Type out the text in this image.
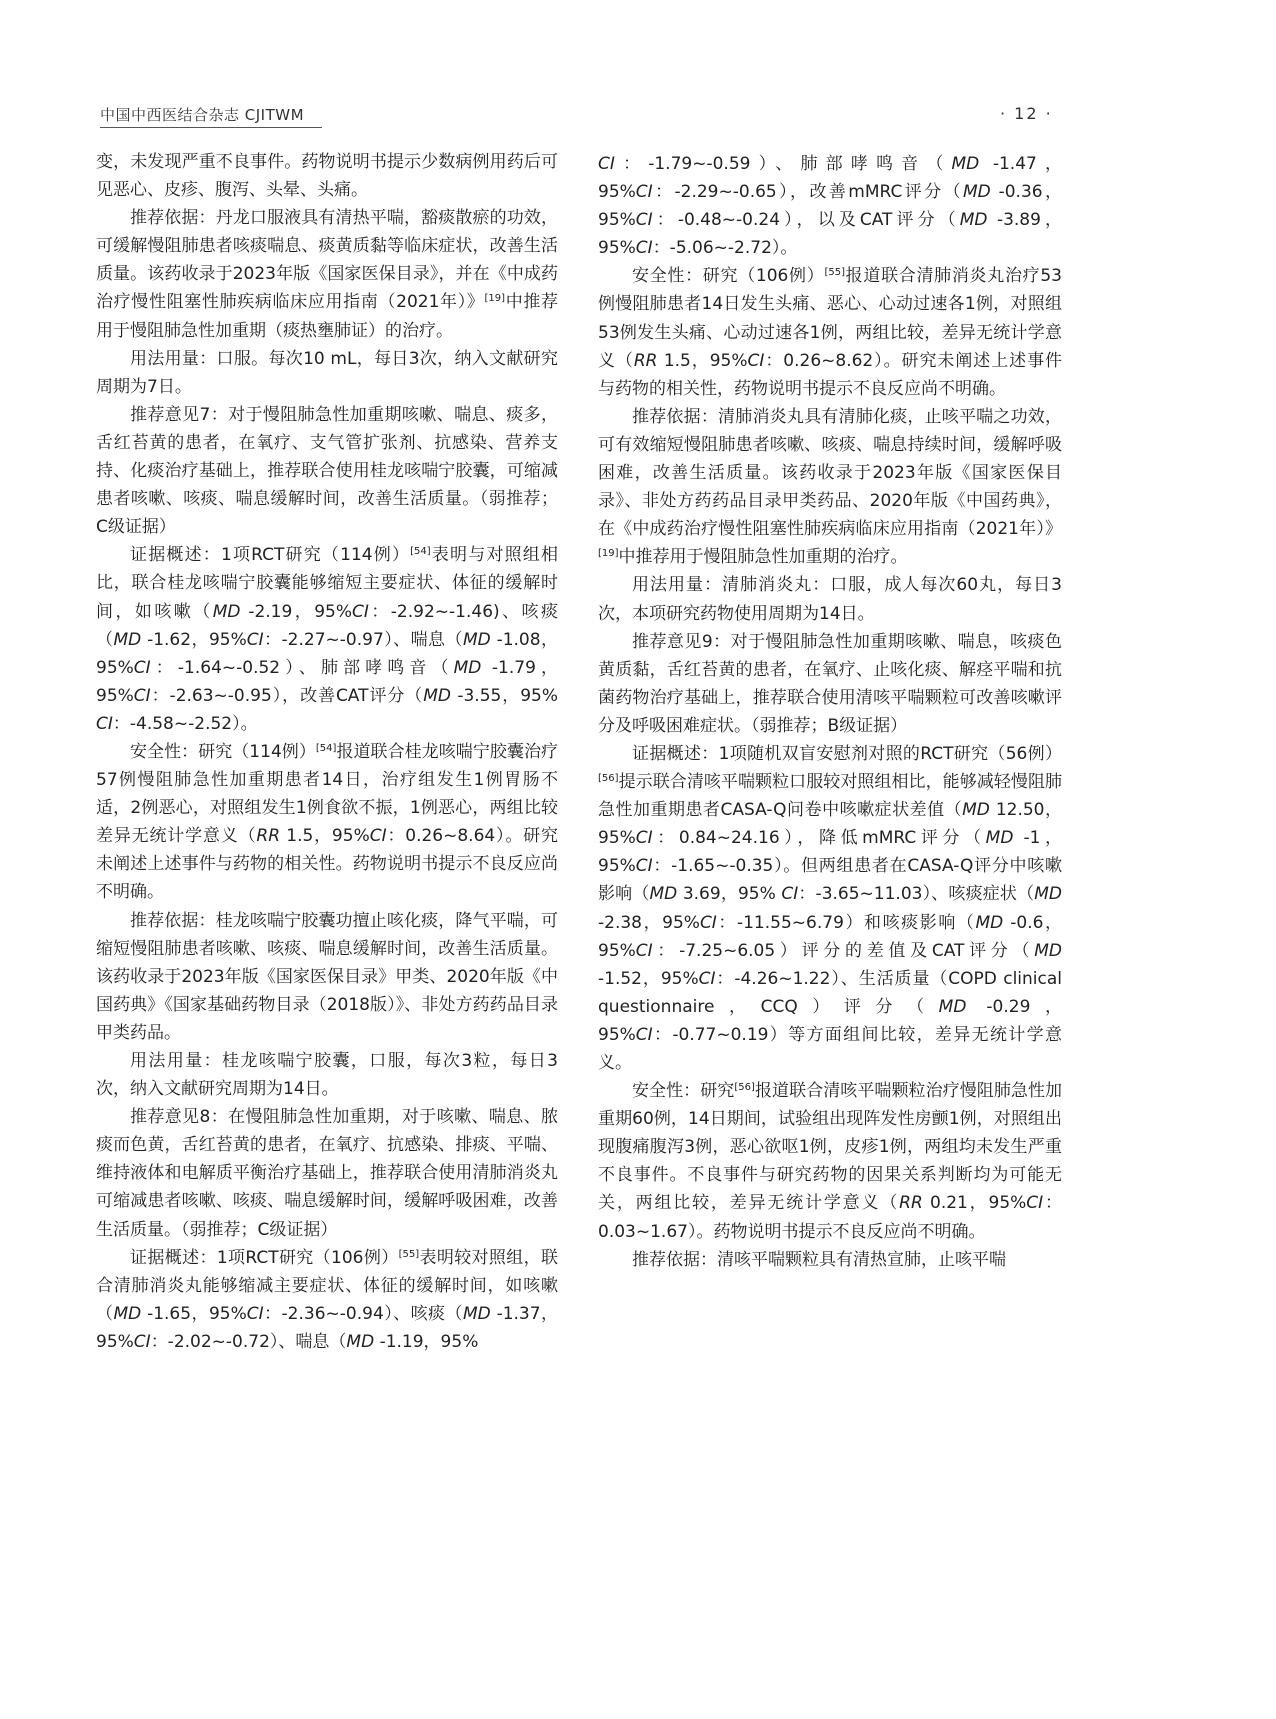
中国中西医结合杂志 CJITWM	· 12 ·

变，未发现严重不良事件。药物说明书提示少数病例用药后可见恶心、皮疹、腹泻、头晕、头痛。

推荐依据：丹龙口服液具有清热平喘，豁痰散瘀的功效，可缓解慢阻肺患者咳痰喘息、痰黄质黏等临床症状，改善生活质量。该药收录于2023年版《国家医保目录》，并在《中成药治疗慢性阻塞性肺疾病临床应用指南（2021年）》[19]中推荐用于慢阻肺急性加重期（痰热壅肺证）的治疗。

用法用量：口服。每次10 mL，每日3次，纳入文献研究周期为7日。

推荐意见7：对于慢阻肺急性加重期咳嗽、喘息、痰多，舌红苔黄的患者，在氧疗、支气管扩张剂、抗感染、营养支持、化痰治疗基础上，推荐联合使用桂龙咳喘宁胶囊，可缩减患者咳嗽、咳痰、喘息缓解时间，改善生活质量。（弱推荐；C级证据）

证据概述：1项RCT研究（114例）[54]表明与对照组相比，联合桂龙咳喘宁胶囊能够缩短主要症状、体征的缓解时间，如咳嗽（MD -2.19，95%CI：-2.92~-1.46)、咳痰（MD -1.62，95%CI：-2.27~-0.97）、喘息（MD -1.08，95%CI：-1.64~-0.52）、肺部哮鸣音（MD -1.79，95%CI：-2.63~-0.95），改善CAT评分（MD -3.55，95% CI：-4.58~-2.52）。

安全性：研究（114例）[54]报道联合桂龙咳喘宁胶囊治疗57例慢阻肺急性加重期患者14日，治疗组发生1例胃肠不适，2例恶心，对照组发生1例食欲不振，1例恶心，两组比较差异无统计学意义（RR 1.5，95%CI：0.26~8.64）。研究未阐述上述事件与药物的相关性。药物说明书提示不良反应尚不明确。

推荐依据：桂龙咳喘宁胶囊功擅止咳化痰，降气平喘，可缩短慢阻肺患者咳嗽、咳痰、喘息缓解时间，改善生活质量。该药收录于2023年版《国家医保目录》甲类、2020年版《中国药典》《国家基础药物目录（2018版）》、非处方药药品目录甲类药品。

用法用量：桂龙咳喘宁胶囊，口服，每次3粒，每日3次，纳入文献研究周期为14日。

推荐意见8：在慢阻肺急性加重期，对于咳嗽、喘息、脓痰而色黄，舌红苔黄的患者，在氧疗、抗感染、排痰、平喘、维持液体和电解质平衡治疗基础上，推荐联合使用清肺消炎丸可缩减患者咳嗽、咳痰、喘息缓解时间，缓解呼吸困难，改善生活质量。（弱推荐；C级证据）

证据概述：1项RCT研究（106例）[55]表明较对照组，联合清肺消炎丸能够缩减主要症状、体征的缓解时间，如咳嗽（MD -1.65，95%CI：-2.36~-0.94）、咳痰（MD -1.37，95%CI：-2.02~-0.72）、喘息（MD -1.19，95%

CI：-1.79~-0.59）、肺部哮鸣音（MD -1.47，95%CI：-2.29~-0.65），改善mMRC评分（MD -0.36，95%CI：-0.48~-0.24），以及CAT评分（MD -3.89，95%CI：-5.06~-2.72）。

安全性：研究（106例）[55]报道联合清肺消炎丸治疗53例慢阻肺患者14日发生头痛、恶心、心动过速各1例，对照组53例发生头痛、心动过速各1例，两组比较，差异无统计学意义（RR 1.5，95%CI：0.26~8.62）。研究未阐述上述事件与药物的相关性，药物说明书提示不良反应尚不明确。

推荐依据：清肺消炎丸具有清肺化痰，止咳平喘之功效，可有效缩短慢阻肺患者咳嗽、咳痰、喘息持续时间，缓解呼吸困难，改善生活质量。该药收录于2023年版《国家医保目录》、非处方药药品目录甲类药品、2020年版《中国药典》，在《中成药治疗慢性阻塞性肺疾病临床应用指南（2021年）》[19]中推荐用于慢阻肺急性加重期的治疗。

用法用量：清肺消炎丸：口服，成人每次60丸，每日3次，本项研究药物使用周期为14日。

推荐意见9：对于慢阻肺急性加重期咳嗽、喘息，咳痰色黄质黏，舌红苔黄的患者，在氧疗、止咳化痰、解痉平喘和抗菌药物治疗基础上，推荐联合使用清咳平喘颗粒可改善咳嗽评分及呼吸困难症状。（弱推荐；B级证据）

证据概述：1项随机双盲安慰剂对照的RCT研究（56例）[56]提示联合清咳平喘颗粒口服较对照组相比，能够减轻慢阻肺急性加重期患者CASA-Q问卷中咳嗽症状差值（MD 12.50，95%CI：0.84~24.16），降低mMRC评分（MD -1，95%CI：-1.65~-0.35）。但两组患者在CASA-Q评分中咳嗽影响（MD 3.69，95% CI：-3.65~11.03）、咳痰症状（MD -2.38，95%CI：-11.55~6.79）和咳痰影响（MD -0.6，95%CI：-7.25~6.05）评分的差值及CAT评分（MD -1.52，95%CI：-4.26~1.22）、生活质量（COPD clinical questionnaire，CCQ）评分（MD -0.29，95%CI：-0.77~0.19）等方面组间比较，差异无统计学意义。

安全性：研究[56]报道联合清咳平喘颗粒治疗慢阻肺急性加重期60例，14日期间，试验组出现阵发性房颤1例，对照组出现腹痛腹泻3例，恶心欲呕1例，皮疹1例，两组均未发生严重不良事件。不良事件与研究药物的因果关系判断均为可能无关，两组比较，差异无统计学意义（RR 0.21，95%CI：0.03~1.67）。药物说明书提示不良反应尚不明确。

推荐依据：清咳平喘颗粒具有清热宣肺，止咳平喘
